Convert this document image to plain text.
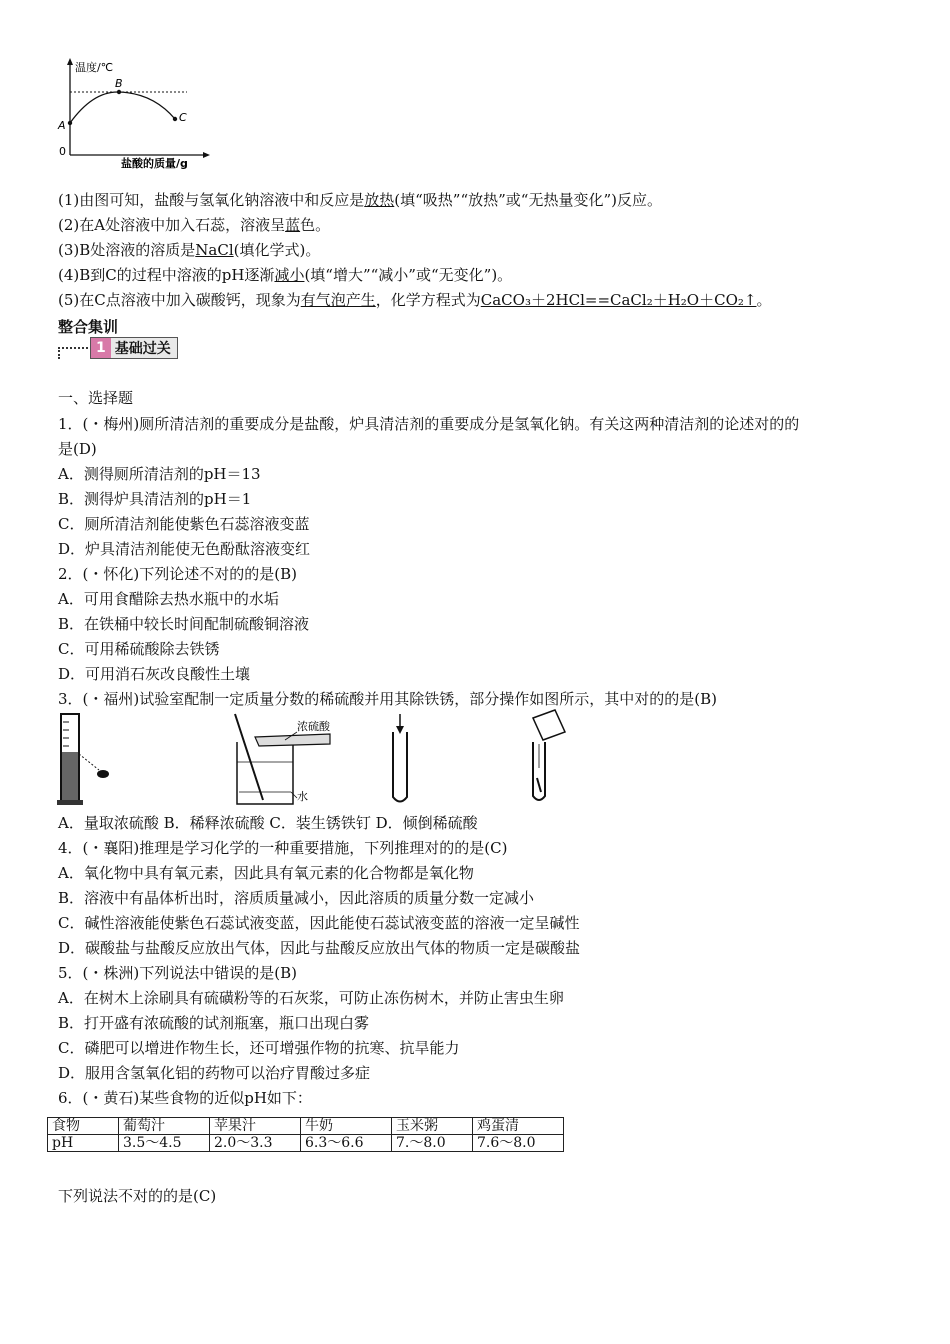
温度/℃
A
B
C
0
盐酸的质量/g
(1)由图可知，盐酸与氢氧化钠溶液中和反应是放热(填“吸热”“放热”或“无热量变化”)反应。
(2)在A处溶液中加入石蕊，溶液呈蓝色。
(3)B处溶液的溶质是NaCl(填化学式)。
(4)B到C的过程中溶液的pH逐渐减小(填“增大”“减小”或“无变化”)。
(5)在C点溶液中加入碳酸钙，现象为有气泡产生，化学方程式为CaCO₃＋2HCl==CaCl₂＋H₂O＋CO₂↑。
整合集训
1 基础过关
一、选择题
1．(・梅州)厕所清洁剂的重要成分是盐酸，炉具清洁剂的重要成分是氢氧化钠。有关这两种清洁剂的论述对的的
是(D)
A．测得厕所清洁剂的pH＝13
B．测得炉具清洁剂的pH＝1
C．厕所清洁剂能使紫色石蕊溶液变蓝
D．炉具清洁剂能使无色酚酞溶液变红
2．(・怀化)下列论述不对的的是(B)
A．可用食醋除去热水瓶中的水垢
B．在铁桶中较长时间配制硫酸铜溶液
C．可用稀硫酸除去铁锈
D．可用消石灰改良酸性土壤
3．(・福州)试验室配制一定质量分数的稀硫酸并用其除铁锈，部分操作如图所示，其中对的的是(B)
浓硫酸
水
A．量取浓硫酸 B．稀释浓硫酸 C．装生锈铁钉 D．倾倒稀硫酸
4．(・襄阳)推理是学习化学的一种重要措施，下列推理对的的是(C)
A．氧化物中具有氧元素，因此具有氧元素的化合物都是氧化物
B．溶液中有晶体析出时，溶质质量减小，因此溶质的质量分数一定减小
C．碱性溶液能使紫色石蕊试液变蓝，因此能使石蕊试液变蓝的溶液一定呈碱性
D．碳酸盐与盐酸反应放出气体，因此与盐酸反应放出气体的物质一定是碳酸盐
5．(・株洲)下列说法中错误的是(B)
A．在树木上涂刷具有硫磺粉等的石灰浆，可防止冻伤树木，并防止害虫生卵
B．打开盛有浓硫酸的试剂瓶塞，瓶口出现白雾
C．磷肥可以增进作物生长，还可增强作物的抗寒、抗旱能力
D．服用含氢氧化铝的药物可以治疗胃酸过多症
6．(・黄石)某些食物的近似pH如下：
食物	葡萄汁	苹果汁	牛奶	玉米粥	鸡蛋清
pH	3.5～4.5	2.0～3.3	6.3～6.6	7.～8.0	7.6～8.0
下列说法不对的的是(C)
